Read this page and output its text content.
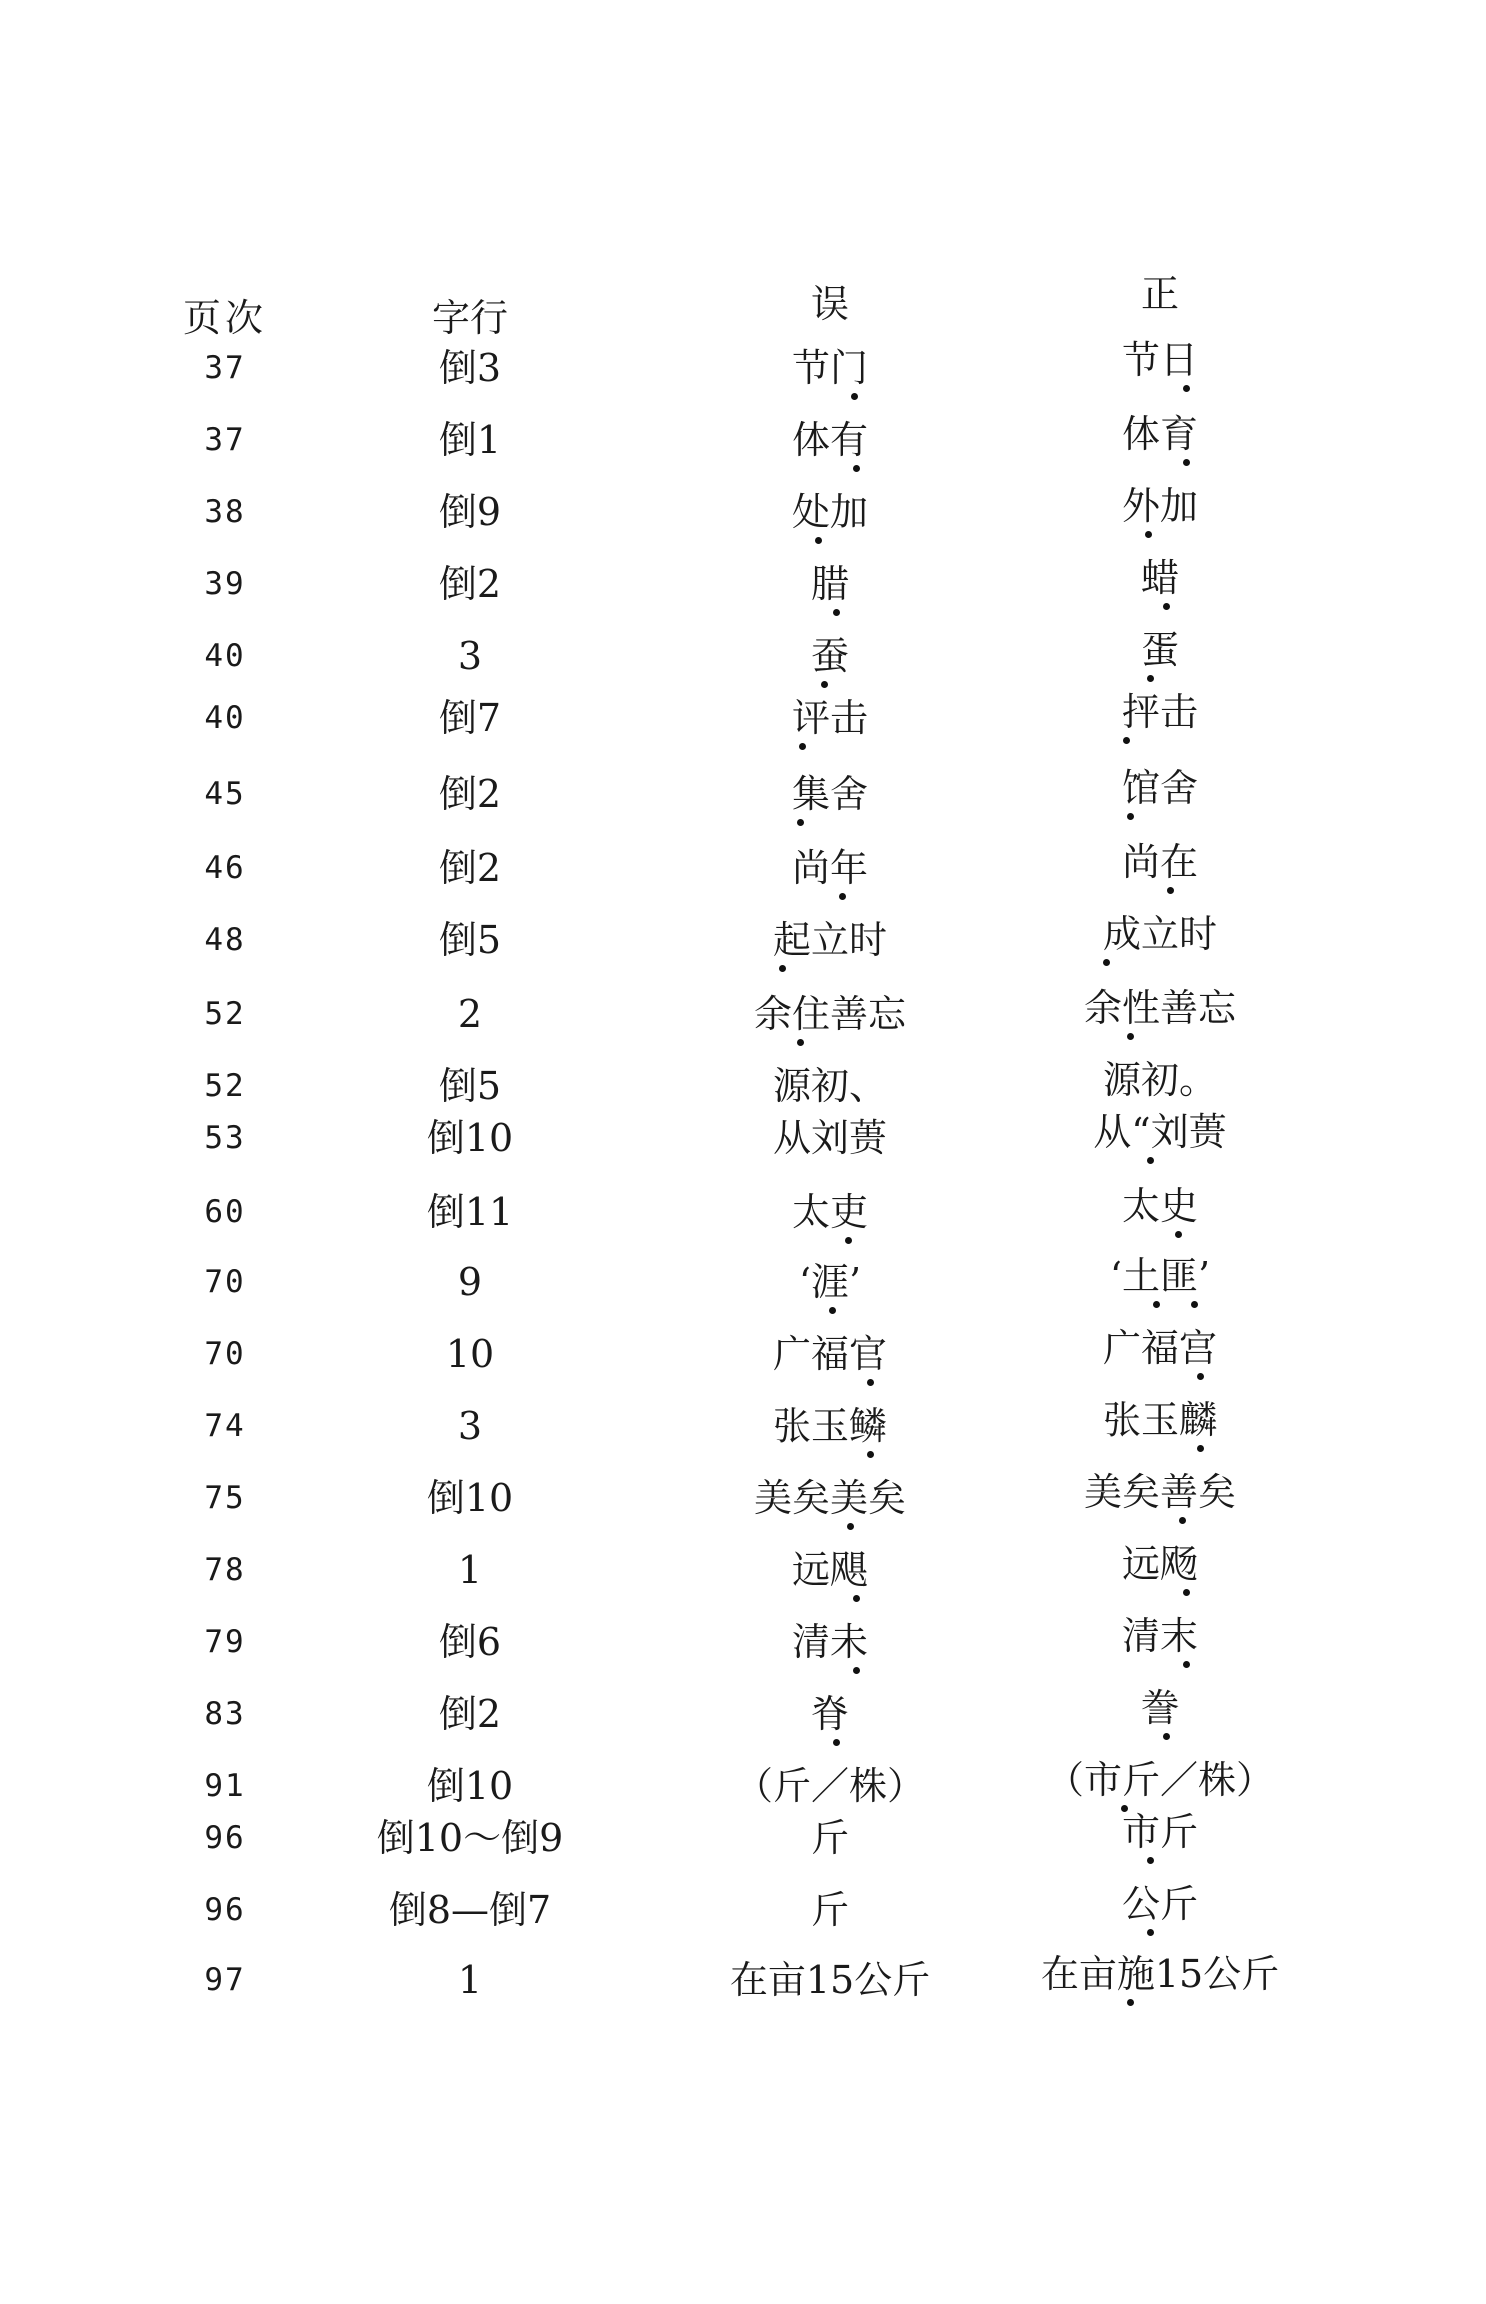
页次	字行	误	正
37	倒3	节门	节日
37	倒1	体有	体育
38	倒9	处加	外加
39	倒2	腊	蜡
40	3	蚕	蛋
40	倒7	评击	抨击
45	倒2	集舍	馆舍
46	倒2	尚年	尚在
48	倒5	起立时	成立时
52	2	余住善忘	余性善忘
52	倒5	源初、	源初。
53	倒10	从刘蒉	从“刘蒉
60	倒11	太吏	太史
70	9	‘涯’	‘土匪’
70	10	广福官	广福宫
74	3	张玉鳞	张玉麟
75	倒10	美矣美矣	美矣善矣
78	1	远飓	远飏
79	倒6	清未	清末
83	倒2	脊	誊
91	倒10	（斤／株）	（市斤／株）
96	倒10～倒9	斤	市斤
96	倒8—倒7	斤	公斤
97	1	在亩15公斤	在亩施15公斤
